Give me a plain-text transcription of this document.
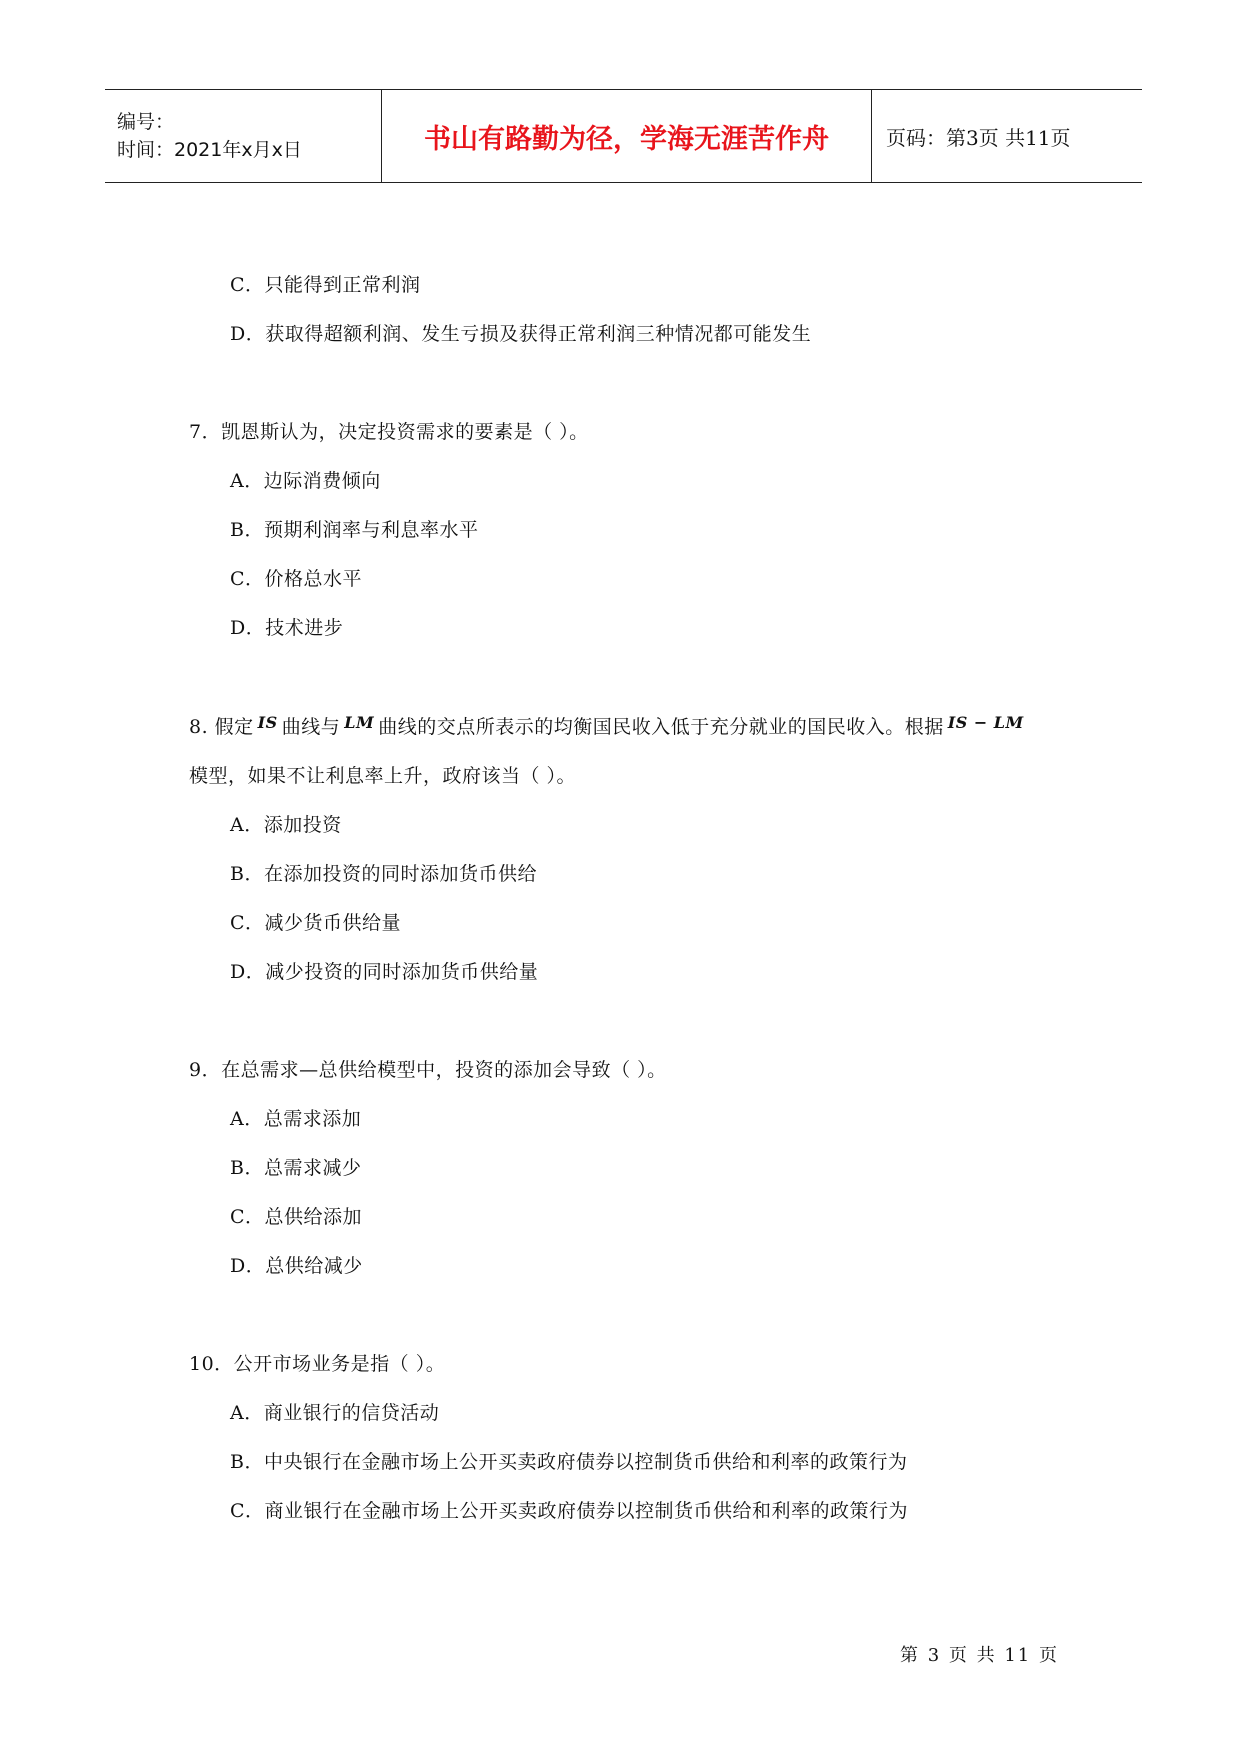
编号：
时间：2021年x月x日	书山有路勤为径，学海无涯苦作舟	页码：第3页 共11页
C．只能得到正常利润
D．获取得超额利润、发生亏损及获得正常利润三种情况都可能发生
7．凯恩斯认为，决定投资需求的要素是（ ）。
A．边际消费倾向
B．预期利润率与利息率水平
C．价格总水平
D．技术进步
8. 假定 $^{IS}$ 曲线与 $^{LM}$ 曲线的交点所表示的均衡国民收入低于充分就业的国民收入。根据 $^{IS - LM}$
模型，如果不让利息率上升，政府该当（ ）。
A．添加投资
B．在添加投资的同时添加货币供给
C．减少货币供给量
D．减少投资的同时添加货币供给量
9．在总需求—总供给模型中，投资的添加会导致（ ）。
A．总需求添加
B．总需求减少
C．总供给添加
D．总供给减少
10．公开市场业务是指（ ）。
A．商业银行的信贷活动
B．中央银行在金融市场上公开买卖政府债券以控制货币供给和利率的政策行为
C．商业银行在金融市场上公开买卖政府债券以控制货币供给和利率的政策行为
第 3 页 共 11 页
